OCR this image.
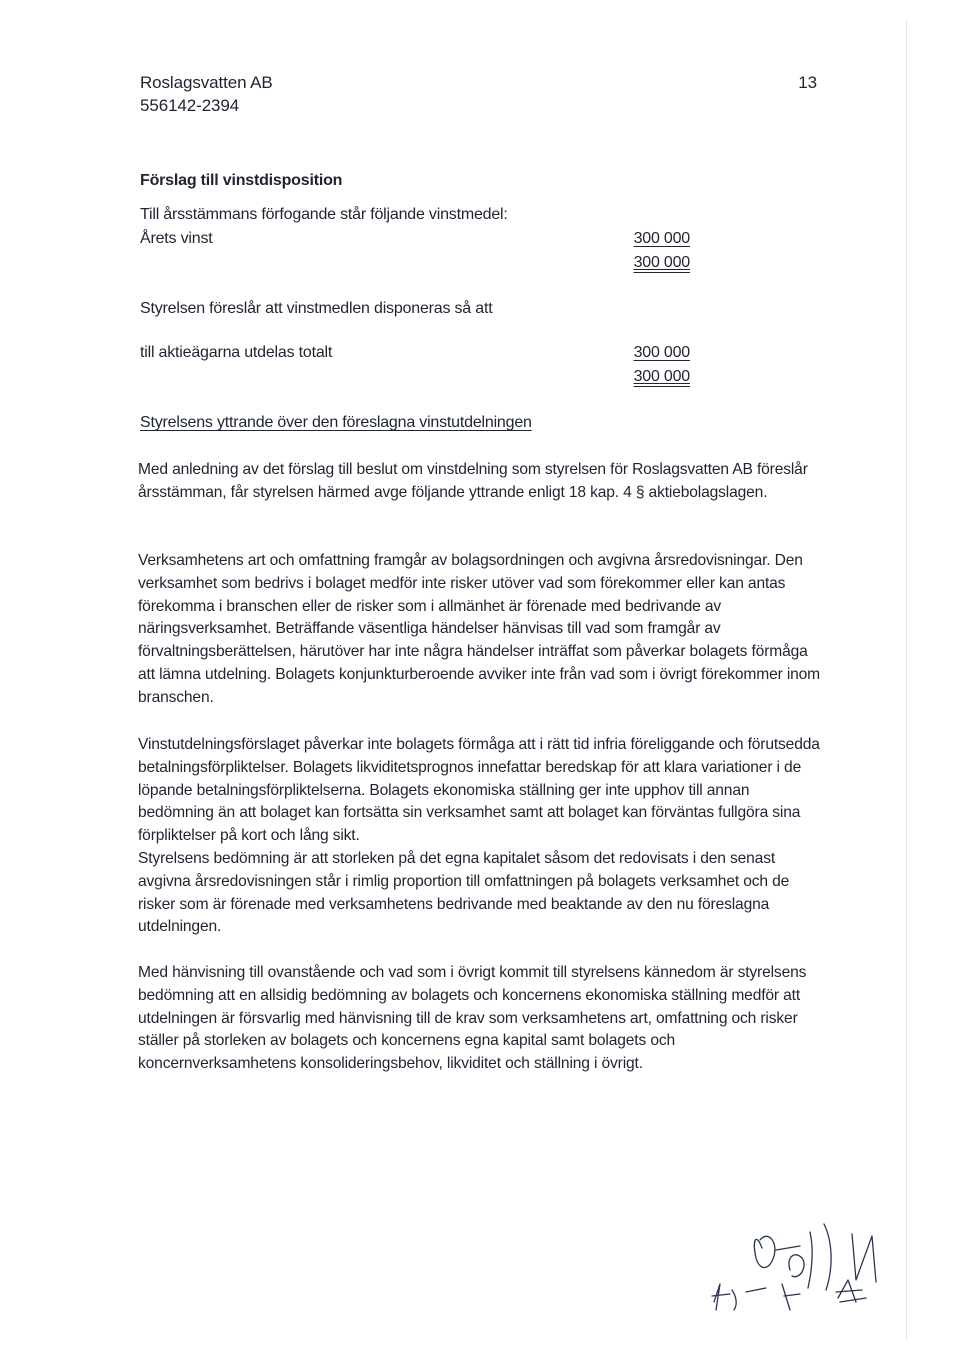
Roslagsvatten AB
556142-2394
13
Förslag till vinstdisposition
Till årsstämmans förfogande står följande vinstmedel:
Årets vinst	300 000
300 000
Styrelsen föreslår att vinstmedlen disponeras så att
till aktieägarna utdelas totalt	300 000
300 000
Styrelsens yttrande över den föreslagna vinstutdelningen

Med anledning av det förslag till beslut om vinstdelning som styrelsen för Roslagsvatten AB föreslår årsstämman, får styrelsen härmed avge följande yttrande enligt 18 kap. 4 § aktiebolagslagen.

Verksamhetens art och omfattning framgår av bolagsordningen och avgivna årsredovisningar. Den verksamhet som bedrivs i bolaget medför inte risker utöver vad som förekommer eller kan antas förekomma i branschen eller de risker som i allmänhet är förenade med bedrivande av näringsverksamhet. Beträffande väsentliga händelser hänvisas till vad som framgår av förvaltningsberättelsen, härutöver har inte några händelser inträffat som påverkar bolagets förmåga att lämna utdelning. Bolagets konjunkturberoende avviker inte från vad som i övrigt förekommer inom branschen.

Vinstutdelningsförslaget påverkar inte bolagets förmåga att i rätt tid infria föreliggande och förutsedda betalningsförpliktelser. Bolagets likviditetsprognos innefattar beredskap för att klara variationer i de löpande betalningsförpliktelserna. Bolagets ekonomiska ställning ger inte upphov till annan bedömning än att bolaget kan fortsätta sin verksamhet samt att bolaget kan förväntas fullgöra sina förpliktelser på kort och lång sikt.

Styrelsens bedömning är att storleken på det egna kapitalet såsom det redovisats i den senast avgivna årsredovisningen står i rimlig proportion till omfattningen på bolagets verksamhet och de risker som är förenade med verksamhetens bedrivande med beaktande av den nu föreslagna utdelningen.

Med hänvisning till ovanstående och vad som i övrigt kommit till styrelsens kännedom är styrelsens bedömning att en allsidig bedömning av bolagets och koncernens ekonomiska ställning medför att utdelningen är försvarlig med hänvisning till de krav som verksamhetens art, omfattning och risker ställer på storleken av bolagets och koncernens egna kapital samt bolagets och koncernverksamhetens konsolideringsbehov, likviditet och ställning i övrigt.
